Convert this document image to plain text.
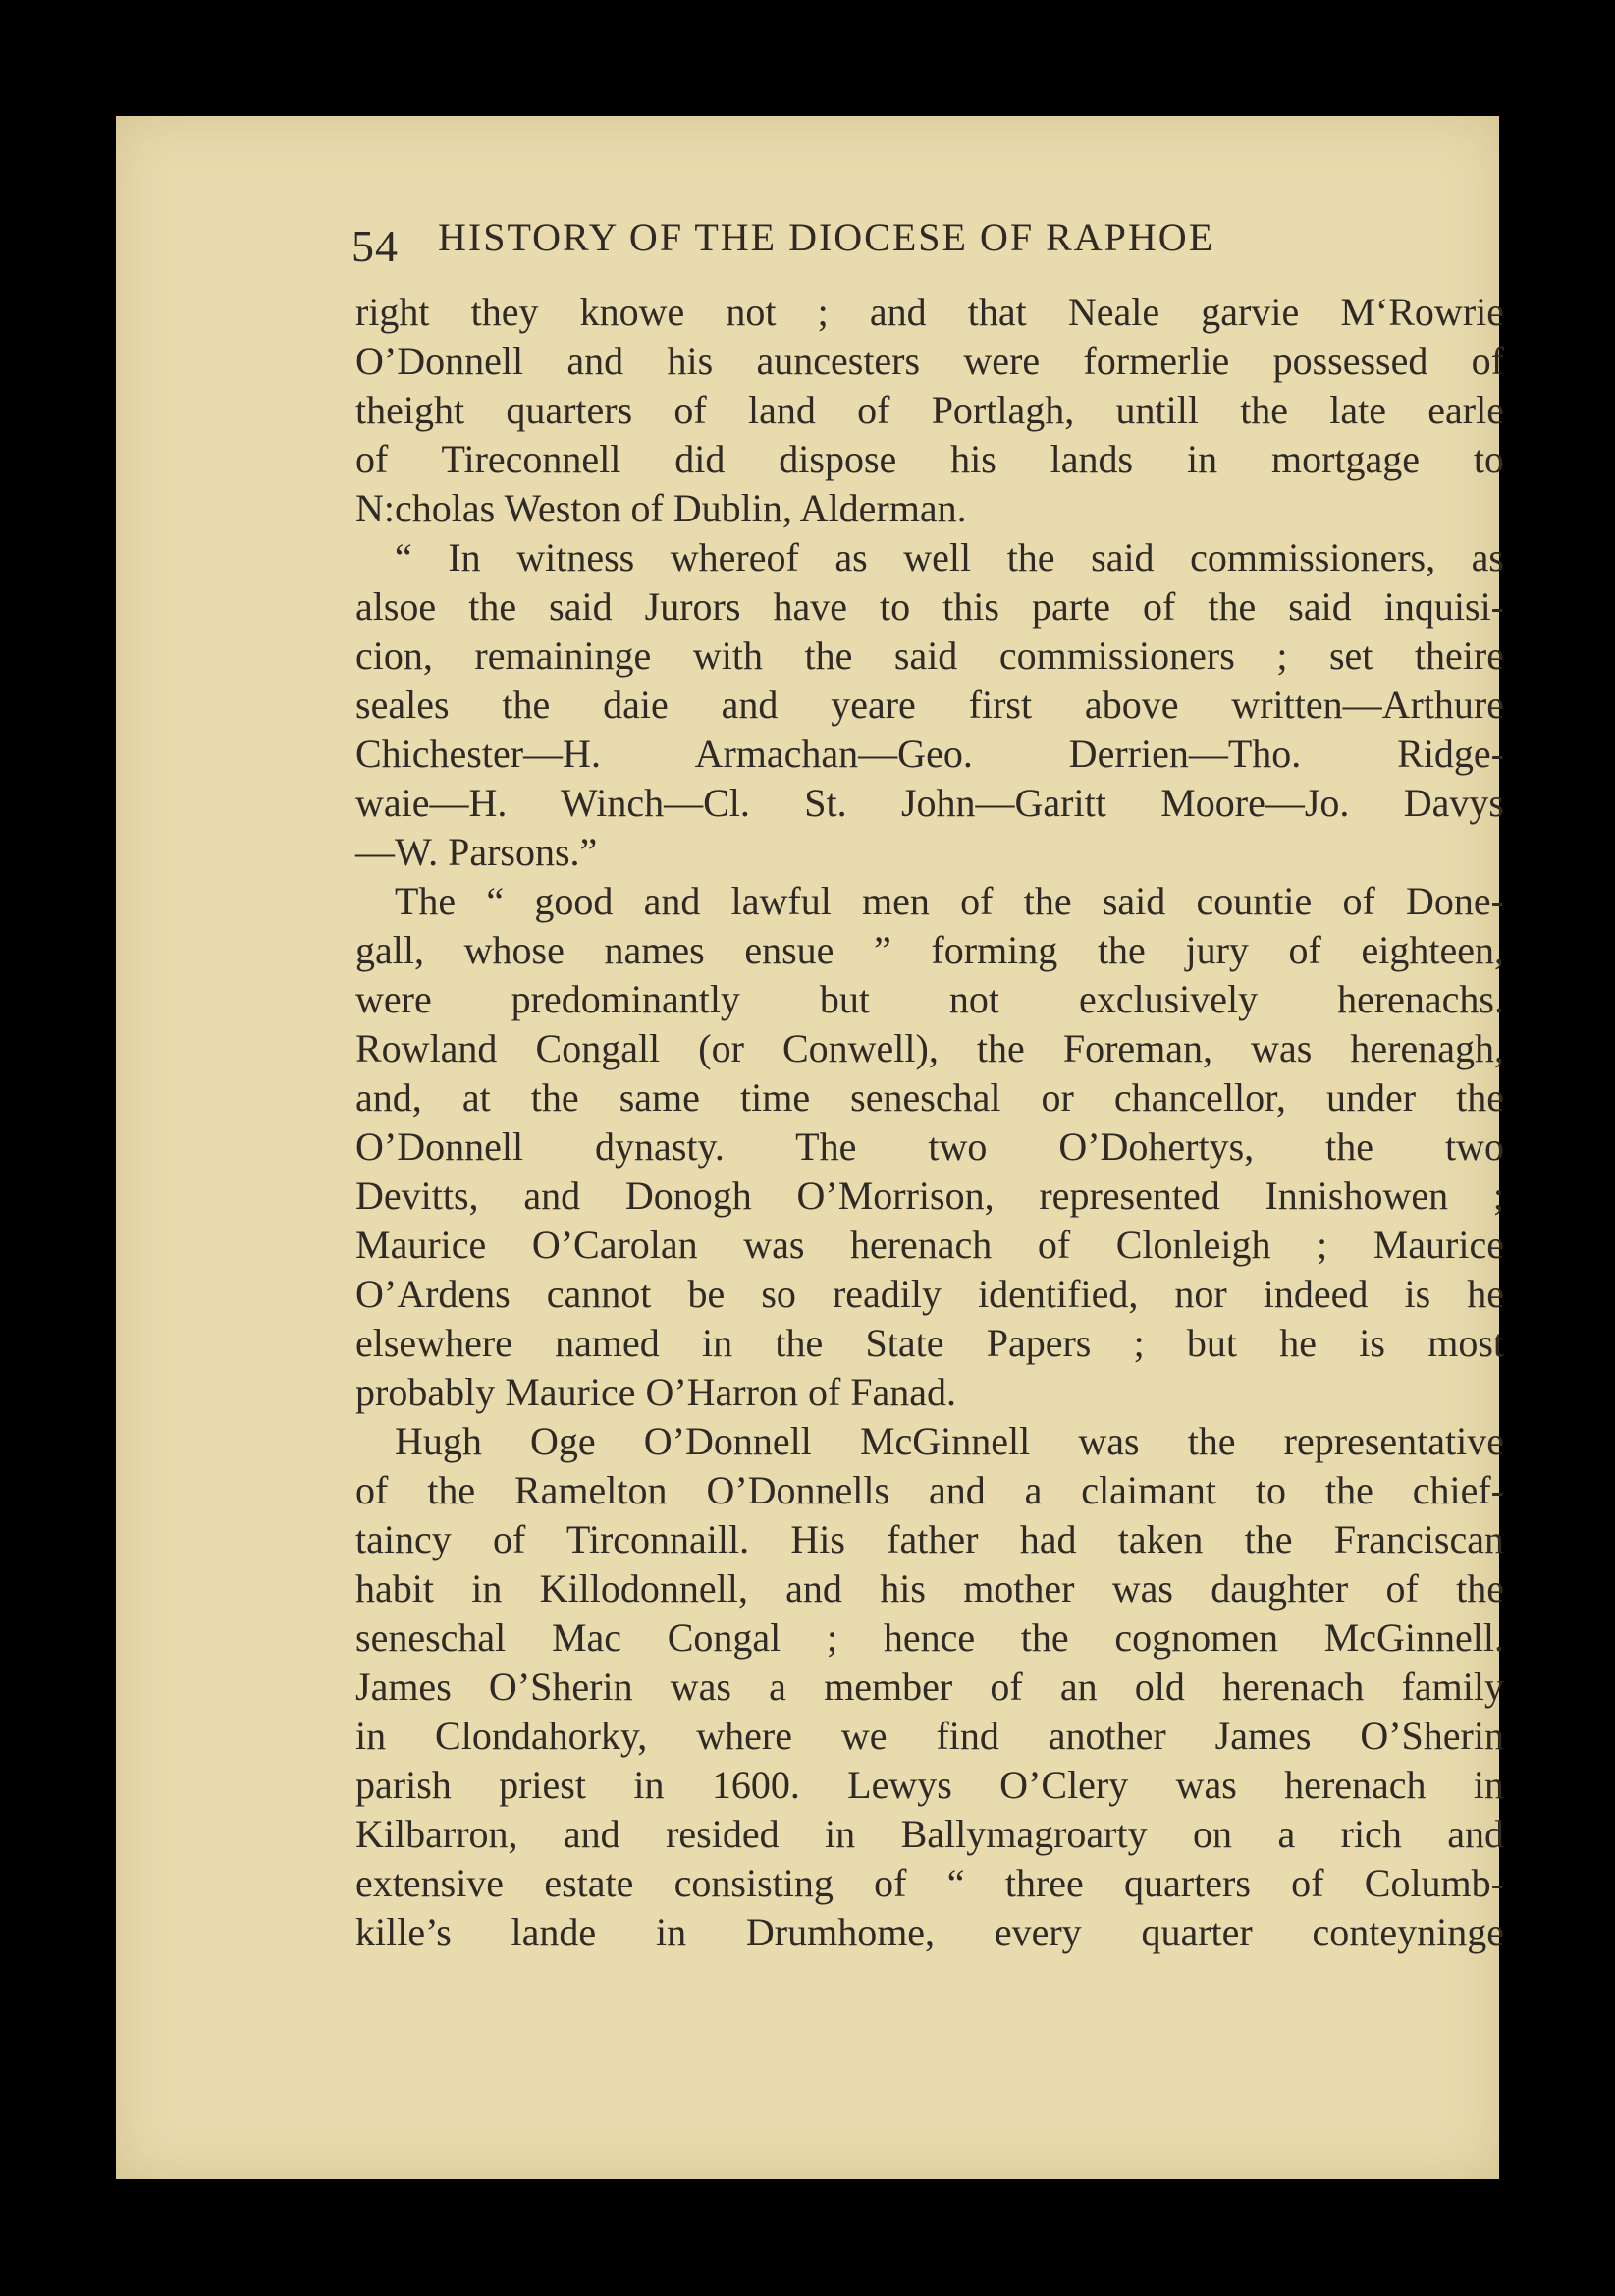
54 HISTORY OF THE DIOCESE OF RAPHOE
right they knowe not ; and that Neale garvie M‘Rowrie
O’Donnell and his auncesters were formerlie possessed of
theight quarters of land of Portlagh, untill the late earle
of Tireconnell did dispose his lands in mortgage to
N:cholas Weston of Dublin, Alderman.
“ In witness whereof as well the said commissioners, as
alsoe the said Jurors have to this parte of the said inquisi-
cion, remaininge with the said commissioners ; set theire
seales the daie and yeare first above written—Arthure
Chichester—H. Armachan—Geo. Derrien—Tho. Ridge-
waie—H. Winch—Cl. St. John—Garitt Moore—Jo. Davys
—W. Parsons.”
The “ good and lawful men of the said countie of Done-
gall, whose names ensue ” forming the jury of eighteen,
were predominantly but not exclusively herenachs.
Rowland Congall (or Conwell), the Foreman, was herenagh,
and, at the same time seneschal or chancellor, under the
O’Donnell dynasty. The two O’Dohertys, the two
Devitts, and Donogh O’Morrison, represented Innishowen ;
Maurice O’Carolan was herenach of Clonleigh ; Maurice
O’Ardens cannot be so readily identified, nor indeed is he
elsewhere named in the State Papers ; but he is most
probably Maurice O’Harron of Fanad.
Hugh Oge O’Donnell McGinnell was the representative
of the Ramelton O’Donnells and a claimant to the chief-
taincy of Tirconnaill. His father had taken the Franciscan
habit in Killodonnell, and his mother was daughter of the
seneschal Mac Congal ; hence the cognomen McGinnell.
James O’Sherin was a member of an old herenach family
in Clondahorky, where we find another James O’Sherin
parish priest in 1600. Lewys O’Clery was herenach in
Kilbarron, and resided in Ballymagroarty on a rich and
extensive estate consisting of “ three quarters of Columb-
kille’s lande in Drumhome, every quarter conteyninge
